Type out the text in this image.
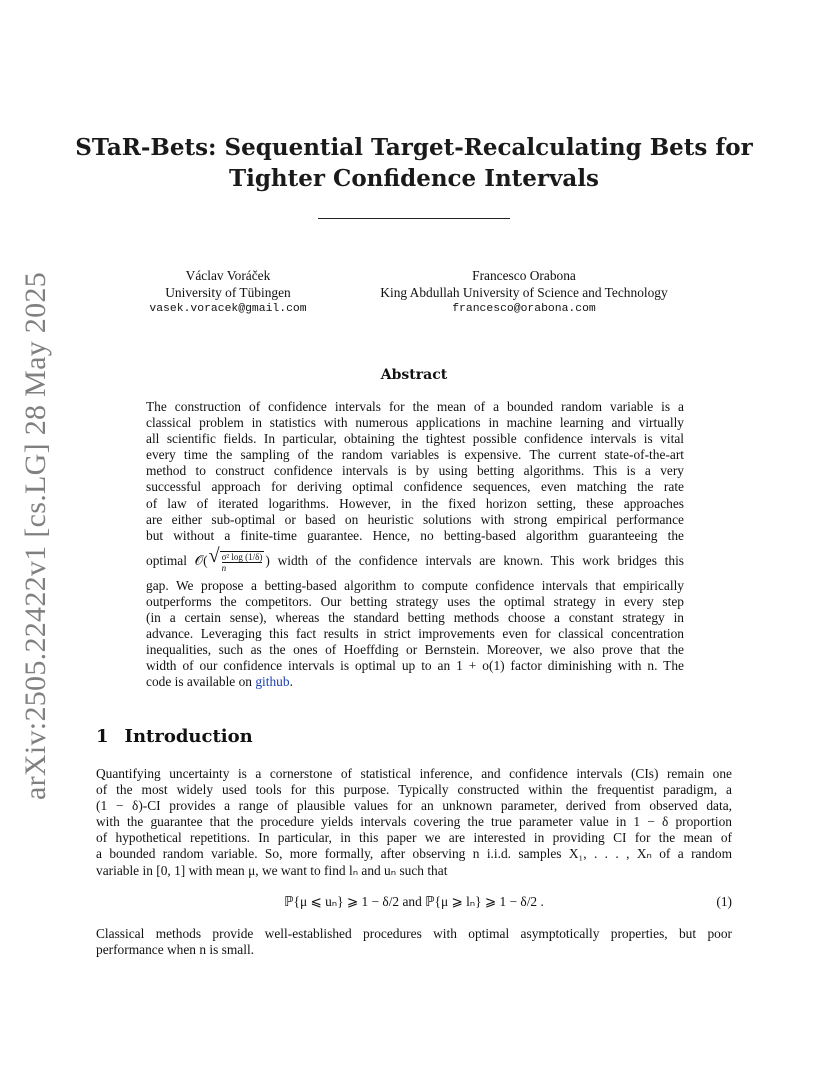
arXiv:2505.22422v1 [cs.LG] 28 May 2025
STaR-Bets: Sequential Target-Recalculating Bets for
Tighter Confidence Intervals
Václav Voráček
University of Tübingen
vasek.voracek@gmail.com
Francesco Orabona
King Abdullah University of Science and Technology
francesco@orabona.com
Abstract
The construction of confidence intervals for the mean of a bounded random variable is a
classical problem in statistics with numerous applications in machine learning and virtually
all scientific fields. In particular, obtaining the tightest possible confidence intervals is vital
every time the sampling of the random variables is expensive. The current state-of-the-art
method to construct confidence intervals is by using betting algorithms. This is a very
successful approach for deriving optimal confidence sequences, even matching the rate
of law of iterated logarithms. However, in the fixed horizon setting, these approaches
are either sub-optimal or based on heuristic solutions with strong empirical performance
but without a finite-time guarantee. Hence, no betting-based algorithm guaranteeing the
optimal 𝒪(√ $\frac{\text{σ² log (1/δ)}}{n}$) width of the confidence intervals are known. This work bridges this
gap. We propose a betting-based algorithm to compute confidence intervals that empirically
outperforms the competitors. Our betting strategy uses the optimal strategy in every step
(in a certain sense), whereas the standard betting methods choose a constant strategy in
advance. Leveraging this fact results in strict improvements even for classical concentration
inequalities, such as the ones of Hoeffding or Bernstein. Moreover, we also prove that the
width of our confidence intervals is optimal up to an 1 + o(1) factor diminishing with n. The
code is available on github.
1 Introduction
Quantifying uncertainty is a cornerstone of statistical inference, and confidence intervals (CIs) remain one
of the most widely used tools for this purpose. Typically constructed within the frequentist paradigm, a
(1 − δ)-CI provides a range of plausible values for an unknown parameter, derived from observed data,
with the guarantee that the procedure yields intervals covering the true parameter value in 1 − δ proportion
of hypothetical repetitions. In particular, in this paper we are interested in providing CI for the mean of
a bounded random variable. So, more formally, after observing n i.i.d. samples X₁, . . . , Xₙ of a random
variable in [0, 1] with mean μ, we want to find lₙ and uₙ such that
ℙ{μ ⩽ uₙ} ⩾ 1 − δ/2 and ℙ{μ ⩾ lₙ} ⩾ 1 − δ/2 .	(1)
Classical methods provide well-established procedures with optimal asymptotically properties, but poor
performance when n is small.
